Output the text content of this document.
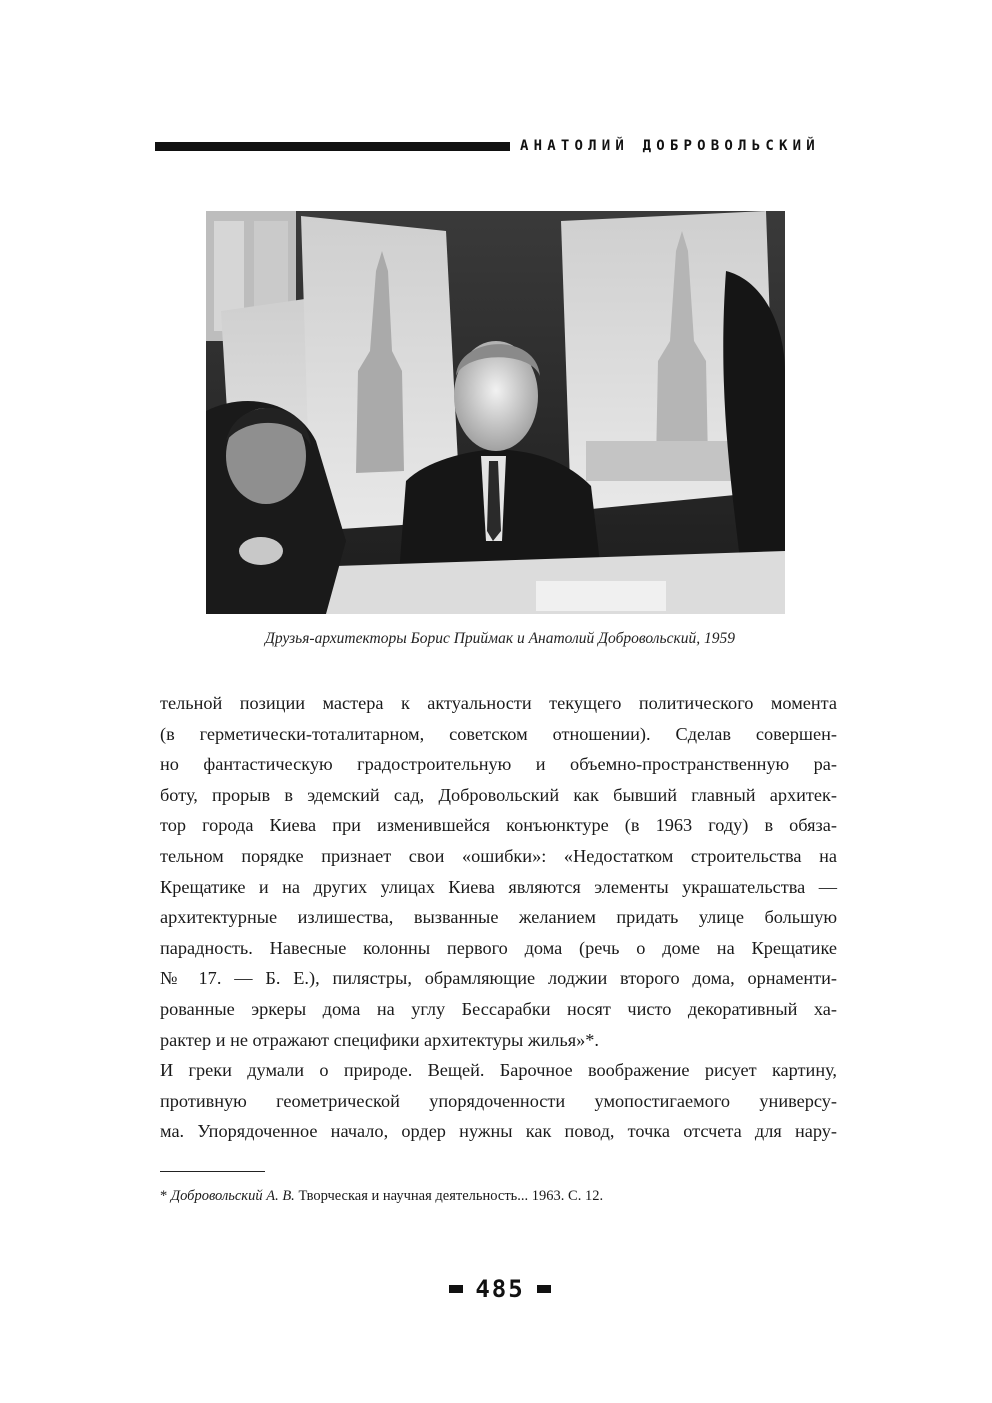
АНАТОЛИЙ ДОБРОВОЛЬСКИЙ
Друзья-архитекторы Борис Приймак и Анатолий Добровольский, 1959
тельной позиции мастера к актуальности текущего политического момента
(в герметически-тоталитарном, советском отношении). Сделав совершен-
но фантастическую градостроительную и объемно-пространственную ра-
боту, прорыв в эдемский сад, Добровольский как бывший главный архитек-
тор города Киева при изменившейся конъюнктуре (в 1963 году) в обяза-
тельном порядке признает свои «ошибки»: «Недостатком строительства на
Крещатике и на других улицах Киева являются элементы украшательства —
архитектурные излишества, вызванные желанием придать улице большую
парадность. Навесные колонны первого дома (речь о доме на Крещатике
№ 17. — Б. Е.), пилястры, обрамляющие лоджии второго дома, орнаменти-
рованные эркеры дома на углу Бессарабки носят чисто декоративный ха-
рактер и не отражают специфики архитектуры жилья»*.
И греки думали о природе. Вещей. Барочное воображение рисует картину,
противную геометрической упорядоченности умопостигаемого универсу-
ма. Упорядоченное начало, ордер нужны как повод, точка отсчета для нару-
* Добровольский А. В. Творческая и научная деятельность... 1963. С. 12.
485
